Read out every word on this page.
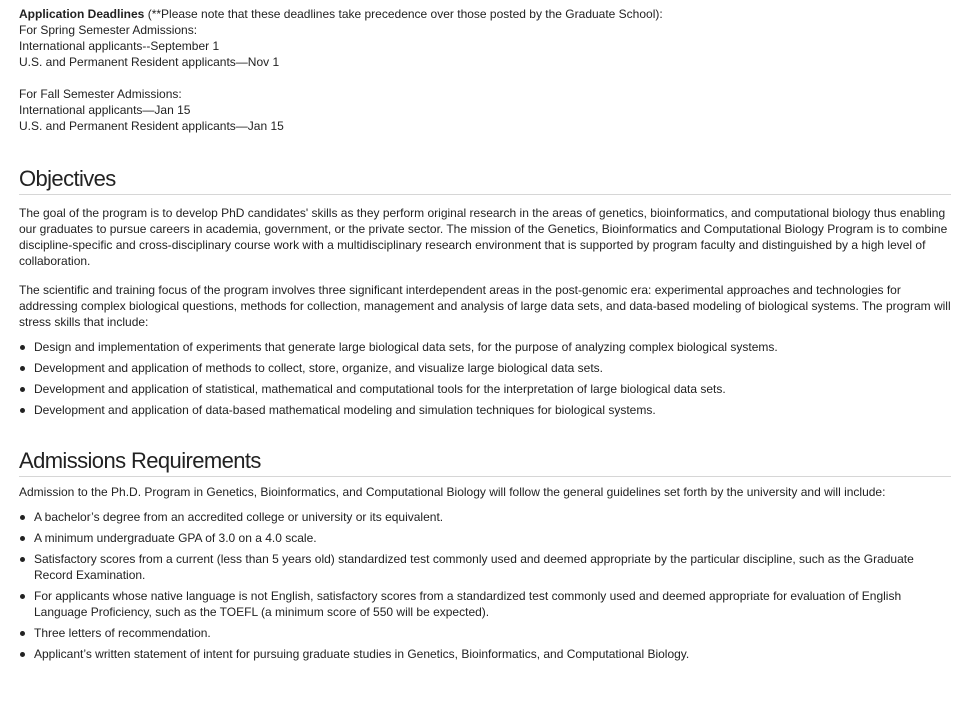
Application Deadlines (**Please note that these deadlines take precedence over those posted by the Graduate School):
For Spring Semester Admissions:
International applicants--September 1
U.S. and Permanent Resident applicants—Nov 1
For Fall Semester Admissions:
International applicants—Jan 15
U.S. and Permanent Resident applicants—Jan 15
Objectives

The goal of the program is to develop PhD candidates' skills as they perform original research in the areas of genetics, bioinformatics, and computational biology thus enabling our graduates to pursue careers in academia, government, or the private sector. The mission of the Genetics, Bioinformatics and Computational Biology Program is to combine discipline-specific and cross-disciplinary course work with a multidisciplinary research environment that is supported by program faculty and distinguished by a high level of collaboration.

The scientific and training focus of the program involves three significant interdependent areas in the post-genomic era: experimental approaches and technologies for addressing complex biological questions, methods for collection, management and analysis of large data sets, and data-based modeling of biological systems. The program will stress skills that include:

Design and implementation of experiments that generate large biological data sets, for the purpose of analyzing complex biological systems.
Development and application of methods to collect, store, organize, and visualize large biological data sets.
Development and application of statistical, mathematical and computational tools for the interpretation of large biological data sets.
Development and application of data-based mathematical modeling and simulation techniques for biological systems.
Admissions Requirements

Admission to the Ph.D. Program in Genetics, Bioinformatics, and Computational Biology will follow the general guidelines set forth by the university and will include:

A bachelor’s degree from an accredited college or university or its equivalent.
A minimum undergraduate GPA of 3.0 on a 4.0 scale.
Satisfactory scores from a current (less than 5 years old) standardized test commonly used and deemed appropriate by the particular discipline, such as the Graduate Record Examination.
For applicants whose native language is not English, satisfactory scores from a standardized test commonly used and deemed appropriate for evaluation of English Language Proficiency, such as the TOEFL (a minimum score of 550 will be expected).
Three letters of recommendation.
Applicant’s written statement of intent for pursuing graduate studies in Genetics, Bioinformatics, and Computational Biology.
